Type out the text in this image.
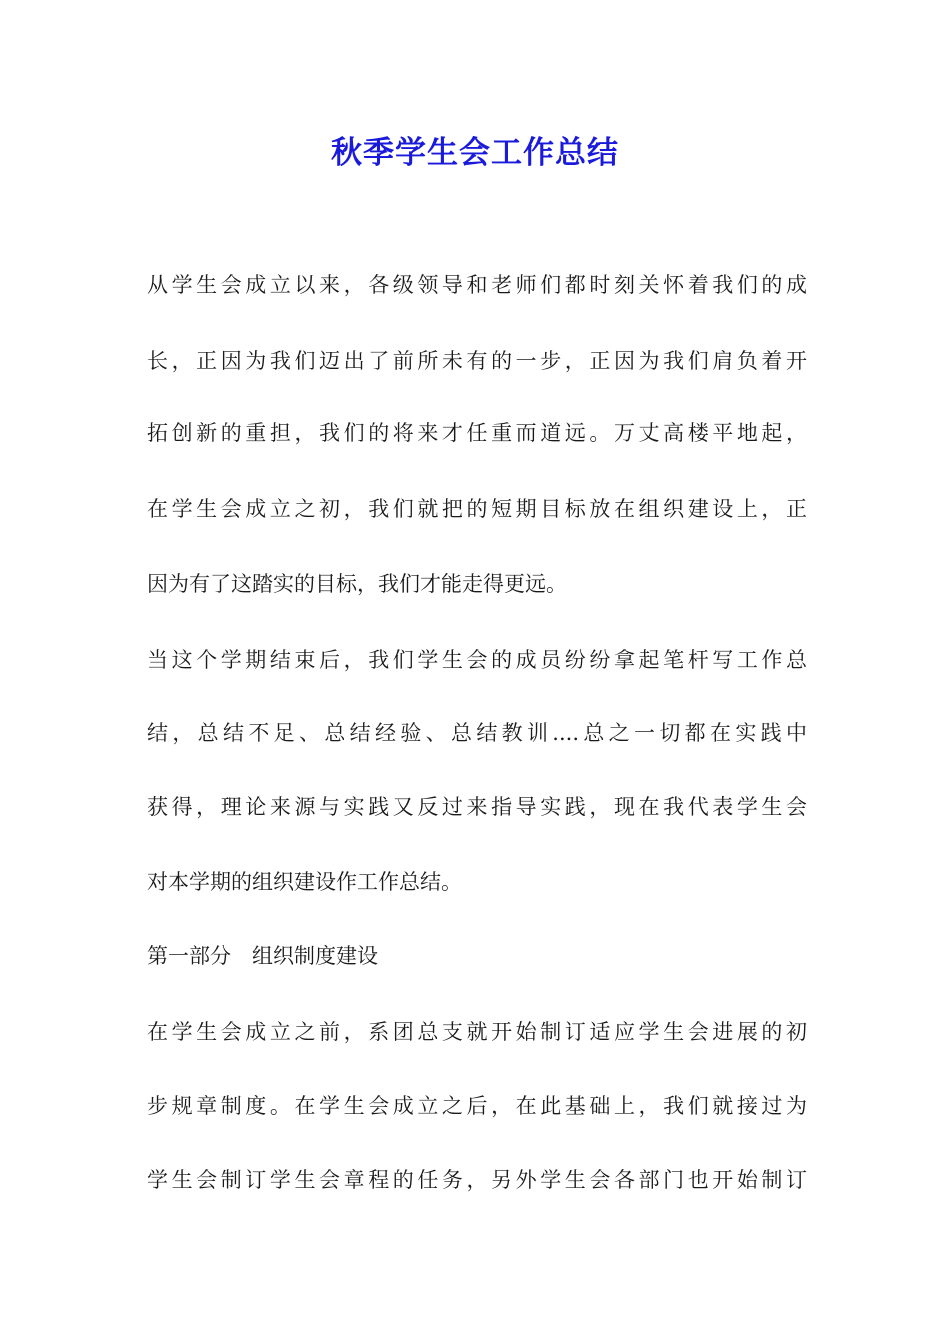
秋季学生会工作总结
从学生会成立以来，各级领导和老师们都时刻关怀着我们的成
长，正因为我们迈出了前所未有的一步，正因为我们肩负着开
拓创新的重担，我们的将来才任重而道远。万丈高楼平地起，
在学生会成立之初，我们就把的短期目标放在组织建设上，正
因为有了这踏实的目标，我们才能走得更远。
当这个学期结束后，我们学生会的成员纷纷拿起笔杆写工作总
结，总结不足、总结经验、总结教训....总之一切都在实践中
获得，理论来源与实践又反过来指导实践，现在我代表学生会
对本学期的组织建设作工作总结。
第一部分　组织制度建设
在学生会成立之前，系团总支就开始制订适应学生会进展的初
步规章制度。在学生会成立之后，在此基础上，我们就接过为
学生会制订学生会章程的任务，另外学生会各部门也开始制订
